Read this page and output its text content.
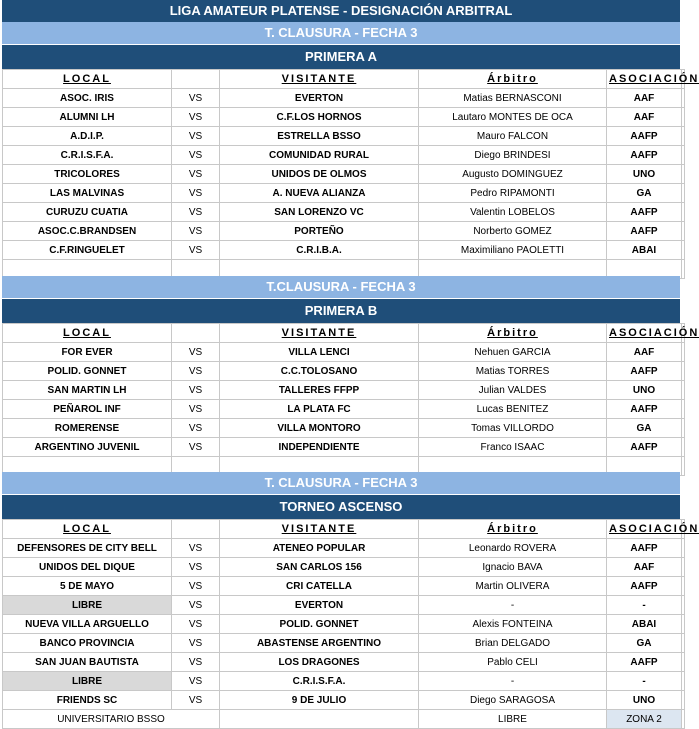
LIGA AMATEUR PLATENSE - DESIGNACIÓN ARBITRAL
T. CLAUSURA - FECHA 3
PRIMERA A
LOCAL		VISITANTE	Árbitro	ASOCIACIÓN	
ASOC. IRIS	VS	EVERTON	Matias BERNASCONI	AAF	
ALUMNI LH	VS	C.F.LOS HORNOS	Lautaro MONTES DE OCA	AAF	
A.D.I.P.	VS	ESTRELLA BSSO	Mauro FALCON	AAFP	
C.R.I.S.F.A.	VS	COMUNIDAD RURAL	Diego BRINDESI	AAFP	
TRICOLORES	VS	UNIDOS DE OLMOS	Augusto DOMINGUEZ	UNO	
LAS MALVINAS	VS	A. NUEVA ALIANZA	Pedro RIPAMONTI	GA	
CURUZU CUATIA	VS	SAN LORENZO VC	Valentin LOBELOS	AAFP	
ASOC.C.BRANDSEN	VS	PORTEÑO	Norberto GOMEZ	AAFP	
C.F.RINGUELET	VS	C.R.I.B.A.	Maximiliano PAOLETTI	ABAI	

T.CLAUSURA - FECHA 3
PRIMERA B
LOCAL		VISITANTE	Árbitro	ASOCIACIÓN	
FOR EVER	VS	VILLA LENCI	Nehuen GARCIA	AAF	
POLID. GONNET	VS	C.C.TOLOSANO	Matias TORRES	AAFP	
SAN MARTIN LH	VS	TALLERES FFPP	Julian VALDES	UNO	
PEÑAROL INF	VS	LA PLATA FC	Lucas BENITEZ	AAFP	
ROMERENSE	VS	VILLA MONTORO	Tomas VILLORDO	GA	
ARGENTINO JUVENIL	VS	INDEPENDIENTE	Franco ISAAC	AAFP	

T. CLAUSURA - FECHA 3
TORNEO ASCENSO
LOCAL		VISITANTE	Árbitro	ASOCIACIÓN	
DEFENSORES DE CITY BELL	VS	ATENEO POPULAR	Leonardo ROVERA	AAFP	
UNIDOS DEL DIQUE	VS	SAN CARLOS 156	Ignacio BAVA	AAF	
5 DE MAYO	VS	CRI CATELLA	Martin OLIVERA	AAFP	
LIBRE	VS	EVERTON	-	-	
NUEVA VILLA ARGUELLO	VS	POLID. GONNET	Alexis FONTEINA	ABAI	
BANCO PROVINCIA	VS	ABASTENSE ARGENTINO	Brian DELGADO	GA	
SAN JUAN BAUTISTA	VS	LOS DRAGONES	Pablo CELI	AAFP	
LIBRE	VS	C.R.I.S.F.A.	-	-	
FRIENDS SC	VS	9 DE JULIO	Diego SARAGOSA	UNO	
UNIVERSITARIO BSSO			LIBRE	ZONA 2	
